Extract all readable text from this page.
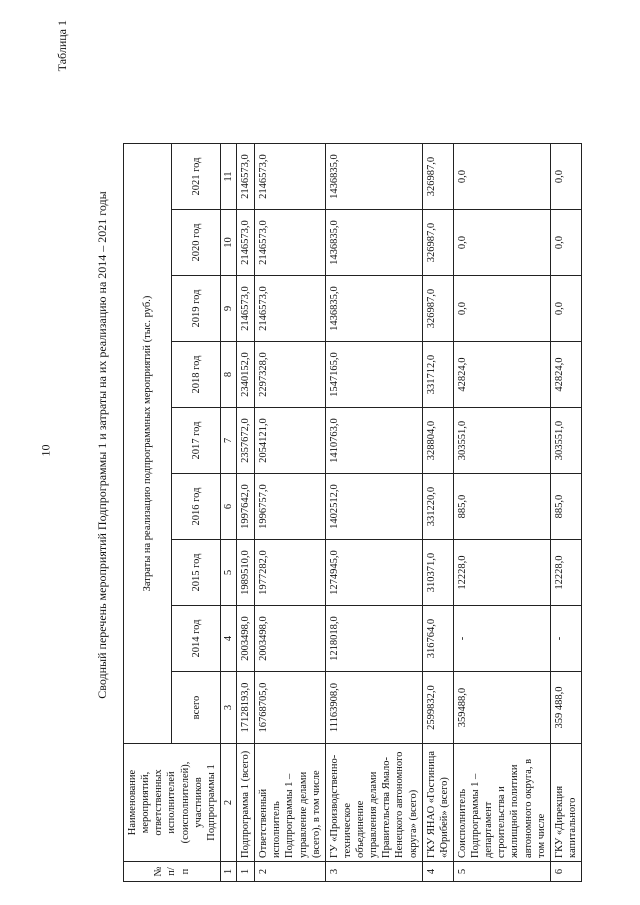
10
Таблица 1
Сводный перечень мероприятий Подпрограммы 1 и затраты на их реализацию на 2014 – 2021 годы
№ п/п	Наименование мероприятий, ответственных исполнителей (соисполнителей), участников Подпрограммы 1	Затраты на реализацию подпрограммных мероприятий (тыс. руб.)								
		всего	2014 год	2015 год	2016 год	2017 год	2018 год	2019 год	2020 год	2021 год
1	2	3	4	5	6	7	8	9	10	11
1	Подпрограмма 1 (всего)	17128193,0	2003498,0	1989510,0	1997642,0	2357672,0	2340152,0	2146573,0	2146573,0	2146573,0
2	Ответственный исполнитель Подпрограммы 1 – управление делами (всего), в том числе	16768705,0	2003498,0	1977282,0	1996757,0	2054121,0	2297328,0	2146573,0	2146573,0	2146573,0
3	ГУ «Производственно-техническое объединение управления делами Правительства Ямало-Ненецкого автономного округа» (всего)	11163908,0	1218018,0	1274945,0	1402512,0	1410763,0	1547165,0	1436835,0	1436835,0	1436835,0
4	ГКУ ЯНАО «Гостиница «Юрибей» (всего)	2599832,0	316764,0	310371,0	331220,0	328804,0	331712,0	326987,0	326987,0	326987,0
5	Соисполнитель Подпрограммы 1 – департамент строительства и жилищной политики автономного округа, в том числе	359488,0	-	12228,0	885,0	303551,0	42824,0	0,0	0,0	0,0
6	ГКУ «Дирекция капитального	359 488,0	-	12228,0	885,0	303551,0	42824,0	0,0	0,0	0,0
